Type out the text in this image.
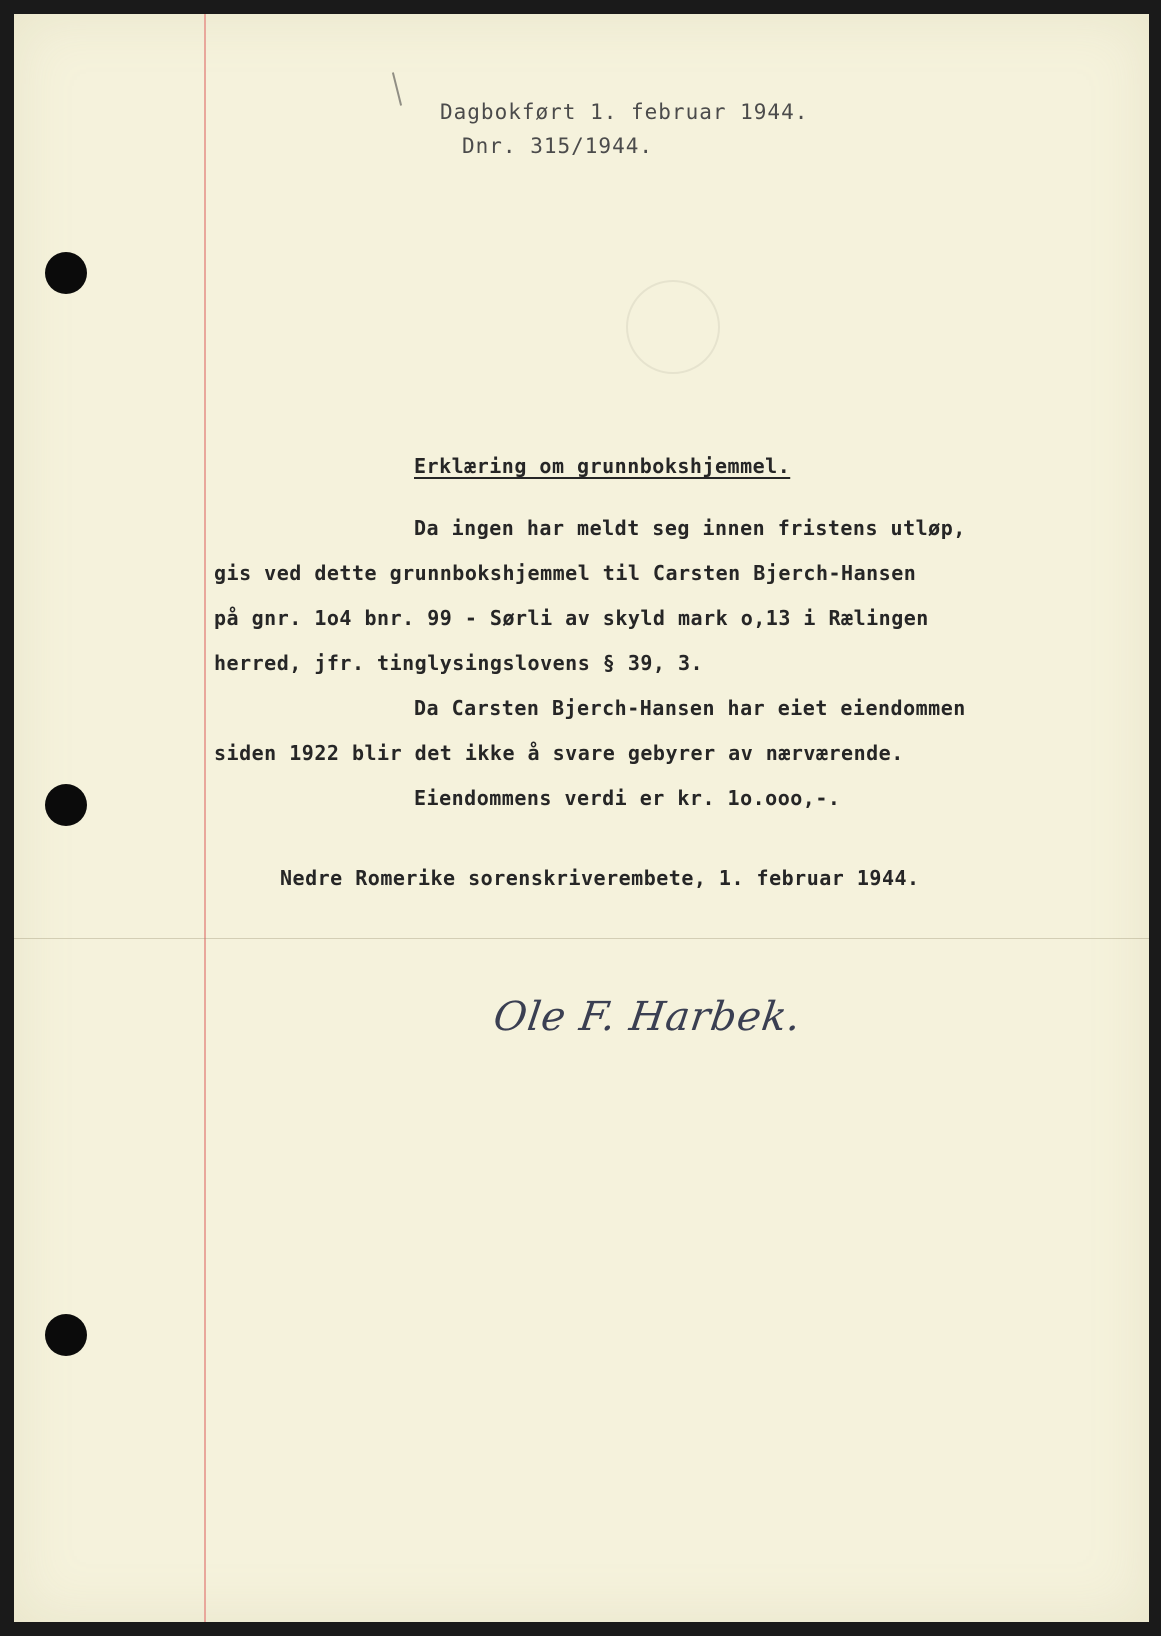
Dagbokført 1. februar 1944.
Dnr. 315/1944.
Erklæring om grunnbokshjemmel.
Da ingen har meldt seg innen fristens utløp,
gis ved dette grunnbokshjemmel til Carsten Bjerch-Hansen
på gnr. 1o4 bnr. 99 - Sørli av skyld mark o,13 i Rælingen
herred, jfr. tinglysingslovens § 39, 3.
Da Carsten Bjerch-Hansen har eiet eiendommen
siden 1922 blir det ikke å svare gebyrer av nærværende.
Eiendommens verdi er kr. 1o.ooo,-.
Nedre Romerike sorenskriverembete, 1. februar 1944.
Ole F. Harbek.
